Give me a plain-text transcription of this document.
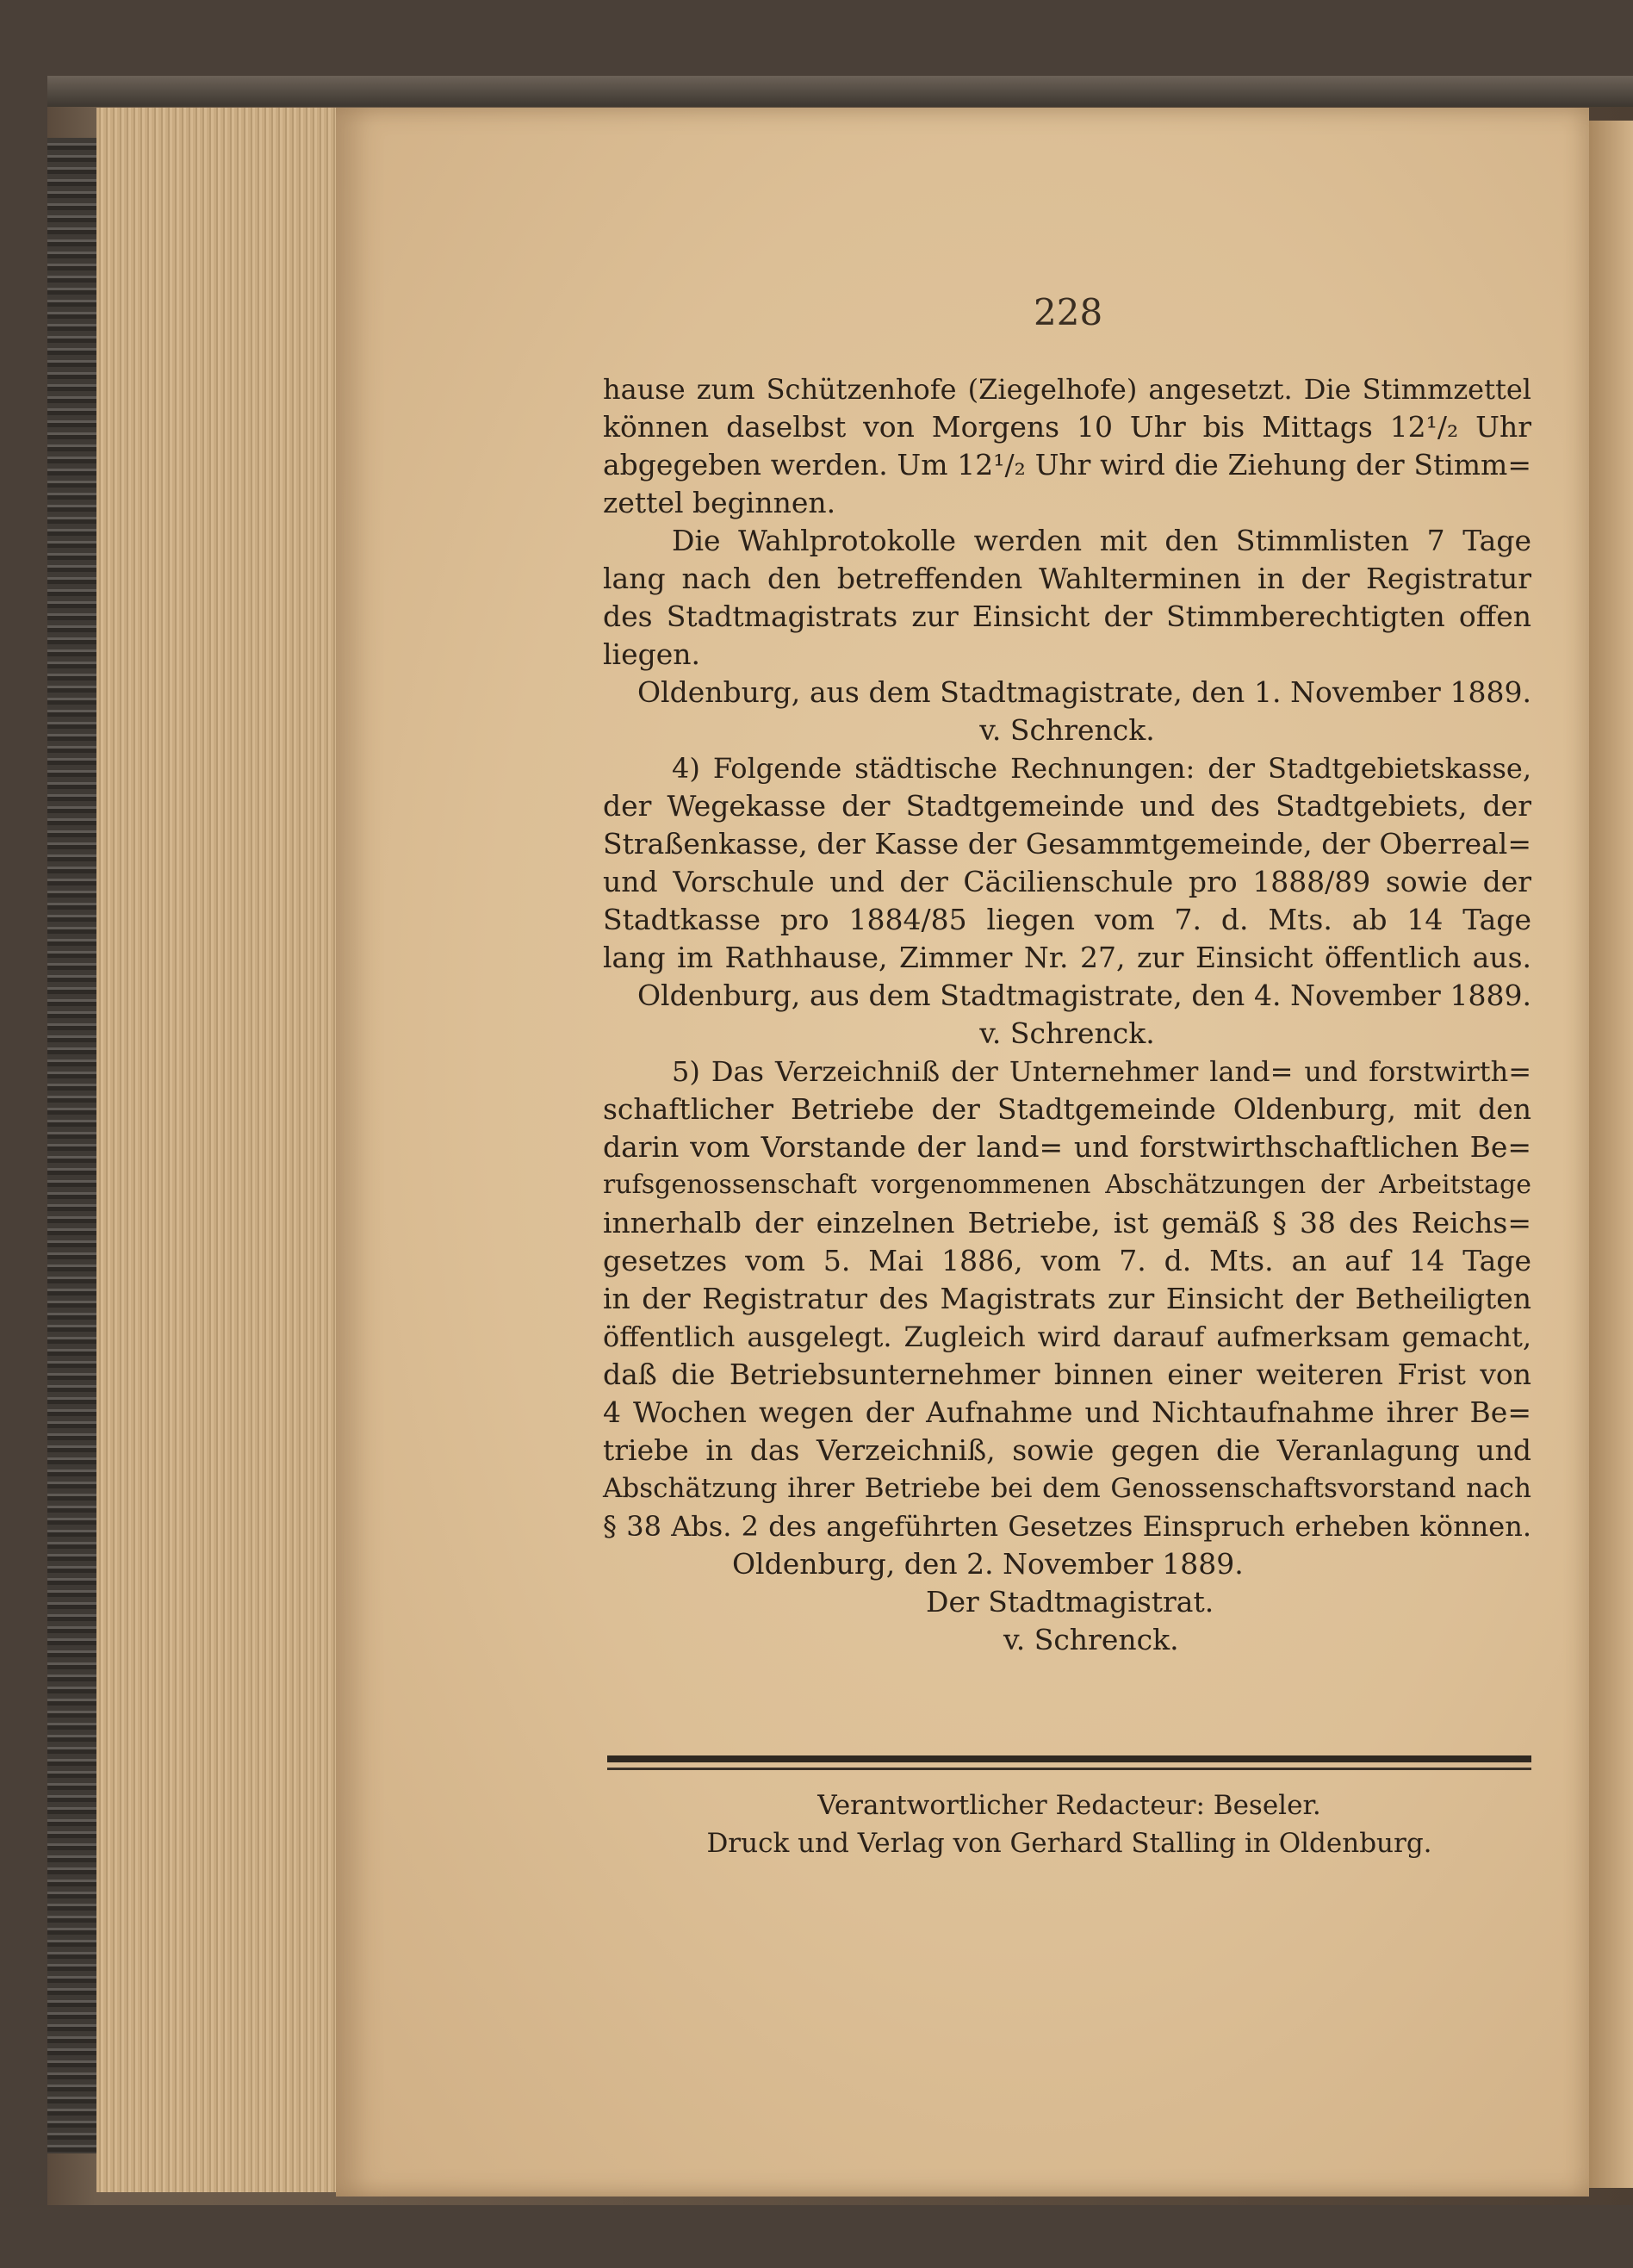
228
hause zum Schützenhofe (Ziegelhofe) angesetzt. Die Stimmzettel
können daselbst von Morgens 10 Uhr bis Mittags 12¹/₂ Uhr
abgegeben werden. Um 12¹/₂ Uhr wird die Ziehung der Stimm=
zettel beginnen.
Die Wahlprotokolle werden mit den Stimmlisten 7 Tage
lang nach den betreffenden Wahlterminen in der Registratur
des Stadtmagistrats zur Einsicht der Stimmberechtigten offen
liegen.
Oldenburg, aus dem Stadtmagistrate, den 1. November 1889.
v. Schrenck.
4) Folgende städtische Rechnungen: der Stadtgebietskasse,
der Wegekasse der Stadtgemeinde und des Stadtgebiets, der
Straßenkasse, der Kasse der Gesammtgemeinde, der Oberreal=
und Vorschule und der Cäcilienschule pro 1888/89 sowie der
Stadtkasse pro 1884/85 liegen vom 7. d. Mts. ab 14 Tage
lang im Rathhause, Zimmer Nr. 27, zur Einsicht öffentlich aus.
Oldenburg, aus dem Stadtmagistrate, den 4. November 1889.
v. Schrenck.
5) Das Verzeichniß der Unternehmer land= und forstwirth=
schaftlicher Betriebe der Stadtgemeinde Oldenburg, mit den
darin vom Vorstande der land= und forstwirthschaftlichen Be=
rufsgenossenschaft vorgenommenen Abschätzungen der Arbeitstage
innerhalb der einzelnen Betriebe, ist gemäß § 38 des Reichs=
gesetzes vom 5. Mai 1886, vom 7. d. Mts. an auf 14 Tage
in der Registratur des Magistrats zur Einsicht der Betheiligten
öffentlich ausgelegt. Zugleich wird darauf aufmerksam gemacht,
daß die Betriebsunternehmer binnen einer weiteren Frist von
4 Wochen wegen der Aufnahme und Nichtaufnahme ihrer Be=
triebe in das Verzeichniß, sowie gegen die Veranlagung und
Abschätzung ihrer Betriebe bei dem Genossenschaftsvorstand nach
§ 38 Abs. 2 des angeführten Gesetzes Einspruch erheben können.
Oldenburg, den 2. November 1889.
Der Stadtmagistrat.
v. Schrenck.
Verantwortlicher Redacteur: Beseler.
Druck und Verlag von Gerhard Stalling in Oldenburg.
